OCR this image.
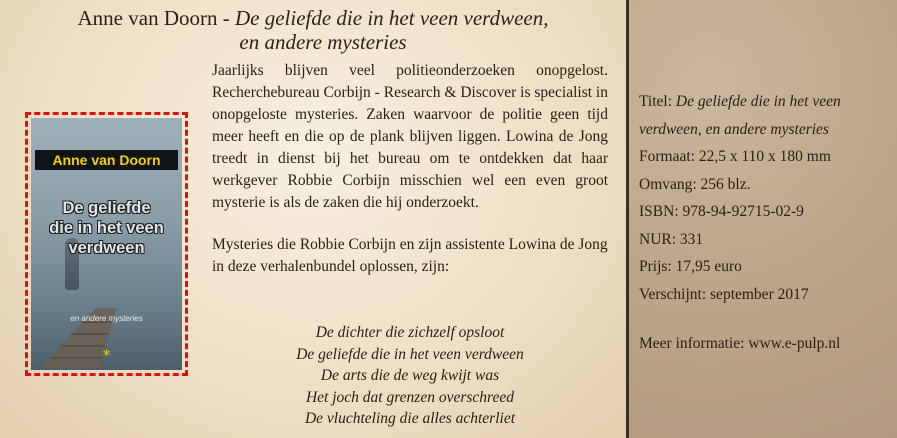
Anne van Doorn - De geliefde die in het veen verdween,
en andere mysteries
Anne van Doorn
De geliefde
die in het veen
verdween
en andere mysteries
*

Jaarlijks blijven veel politieonderzoeken onopgelost. Recherchebureau Corbijn - Research & Discover is specialist in onopgeloste mysteries. Zaken waarvoor de politie geen tijd meer heeft en die op de plank blijven liggen. Lowina de Jong treedt in dienst bij het bureau om te ontdekken dat haar werkgever Robbie Corbijn misschien wel een even groot mysterie is als de zaken die hij onderzoekt.

Mysteries die Robbie Corbijn en zijn assistente Lowina de Jong in deze verhalenbundel oplossen, zijn:

De dichter die zichzelf opsloot
De geliefde die in het veen verdween
De arts die de weg kwijt was
Het joch dat grenzen overschreed
De vluchteling die alles achterliet
Titel: De geliefde die in het veen
verdween, en andere mysteries
Formaat: 22,5 x 110 x 180 mm
Omvang: 256 blz.
ISBN: 978-94-92715-02-9
NUR: 331
Prijs: 17,95 euro
Verschijnt: september 2017
Meer informatie: www.e-pulp.nl
